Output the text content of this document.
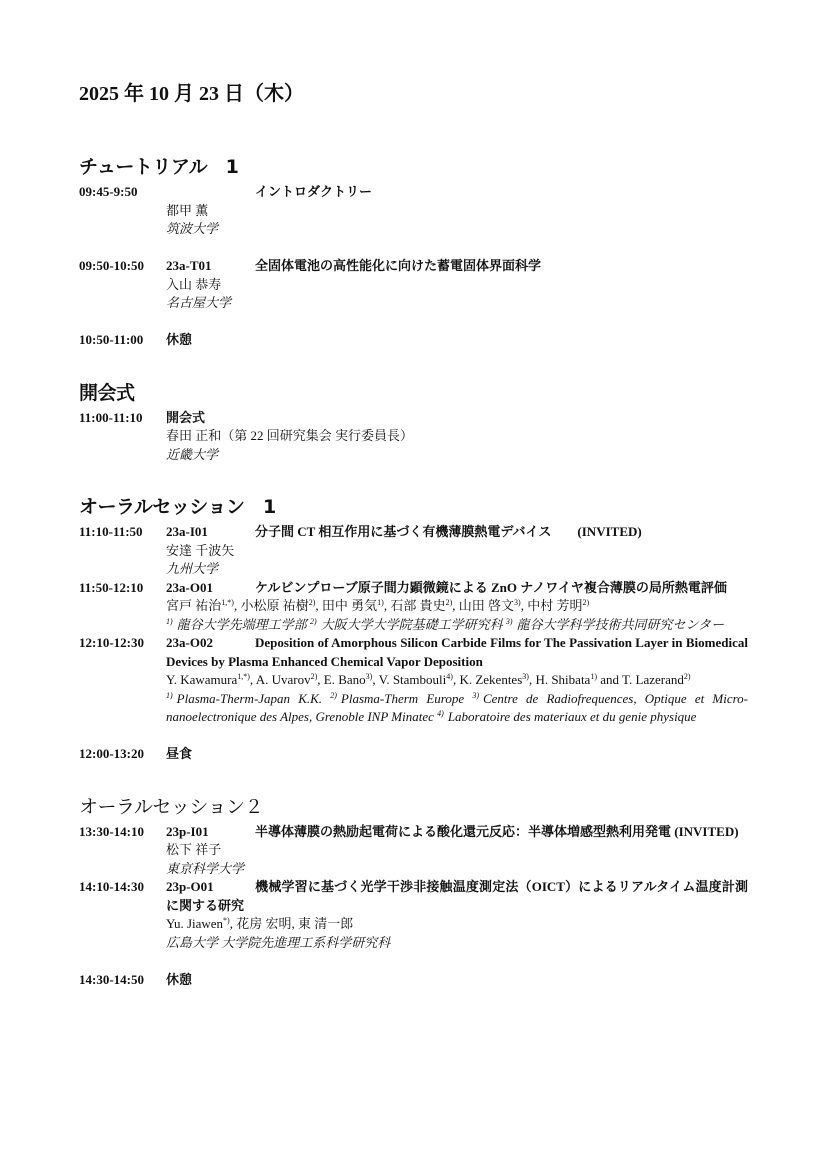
2025 年 10 月 23 日（木）
チュートリアル　1
09:45-9:50	イントロダクトリー
都甲 薫
筑波大学
09:50-10:50 23a-T01	全固体電池の高性能化に向けた蓄電固体界面科学
入山 恭寿
名古屋大学
10:50-11:00 休憩
開会式
11:00-11:10 開会式
春田 正和（第 22 回研究集会 実行委員長）
近畿大学
オーラルセッション　1
11:10-11:50 23a-I01	分子間 CT 相互作用に基づく有機薄膜熱電デバイス (INVITED)
安達 千波矢
九州大学
11:50-12:10 23a-O01	ケルビンプローブ原子間力顕微鏡による ZnO ナノワイヤ複合薄膜の局所熱電評価
宮戸 祐治$^{1,*)}$, 小松原 祐樹$^{2)}$, 田中 勇気$^{1)}$, 石部 貴史$^{2)}$, 山田 啓文$^{3)}$, 中村 芳明$^{2)}$
$^{1)}$ 龍谷大学先端理工学部 $^{2)}$ 大阪大学大学院基礎工学研究科 $^{3)}$ 龍谷大学科学技術共同研究センター
12:10-12:30 23a-O02	Deposition of Amorphous Silicon Carbide Films for The Passivation Layer in Biomedical Devices by Plasma Enhanced Chemical Vapor Deposition
Y. Kawamura$^{1,*)}$, A. Uvarov$^{2)}$, E. Bano$^{3)}$, V. Stambouli$^{4)}$, K. Zekentes$^{3)}$, H. Shibata$^{1)}$ and T. Lazerand$^{2)}$
$^{1)}$ Plasma-Therm-Japan K.K. $^{2)}$ Plasma-Therm Europe $^{3)}$ Centre de Radiofrequences, Optique et Micro-nanoelectronique des Alpes, Grenoble INP Minatec $^{4)}$ Laboratoire des materiaux et du genie physique
12:00-13:20 昼食
オーラルセッション２
13:30-14:10 23p-I01	半導体薄膜の熱励起電荷による酸化還元反応：半導体増感型熱利用発電 (INVITED)
松下 祥子
東京科学大学
14:10-14:30 23p-O01	機械学習に基づく光学干渉非接触温度測定法（OICT）によるリアルタイム温度計測に関する研究
Yu. Jiawen*), 花房 宏明, 東 清一郎
広島大学 大学院先進理工系科学研究科
14:30-14:50 休憩
